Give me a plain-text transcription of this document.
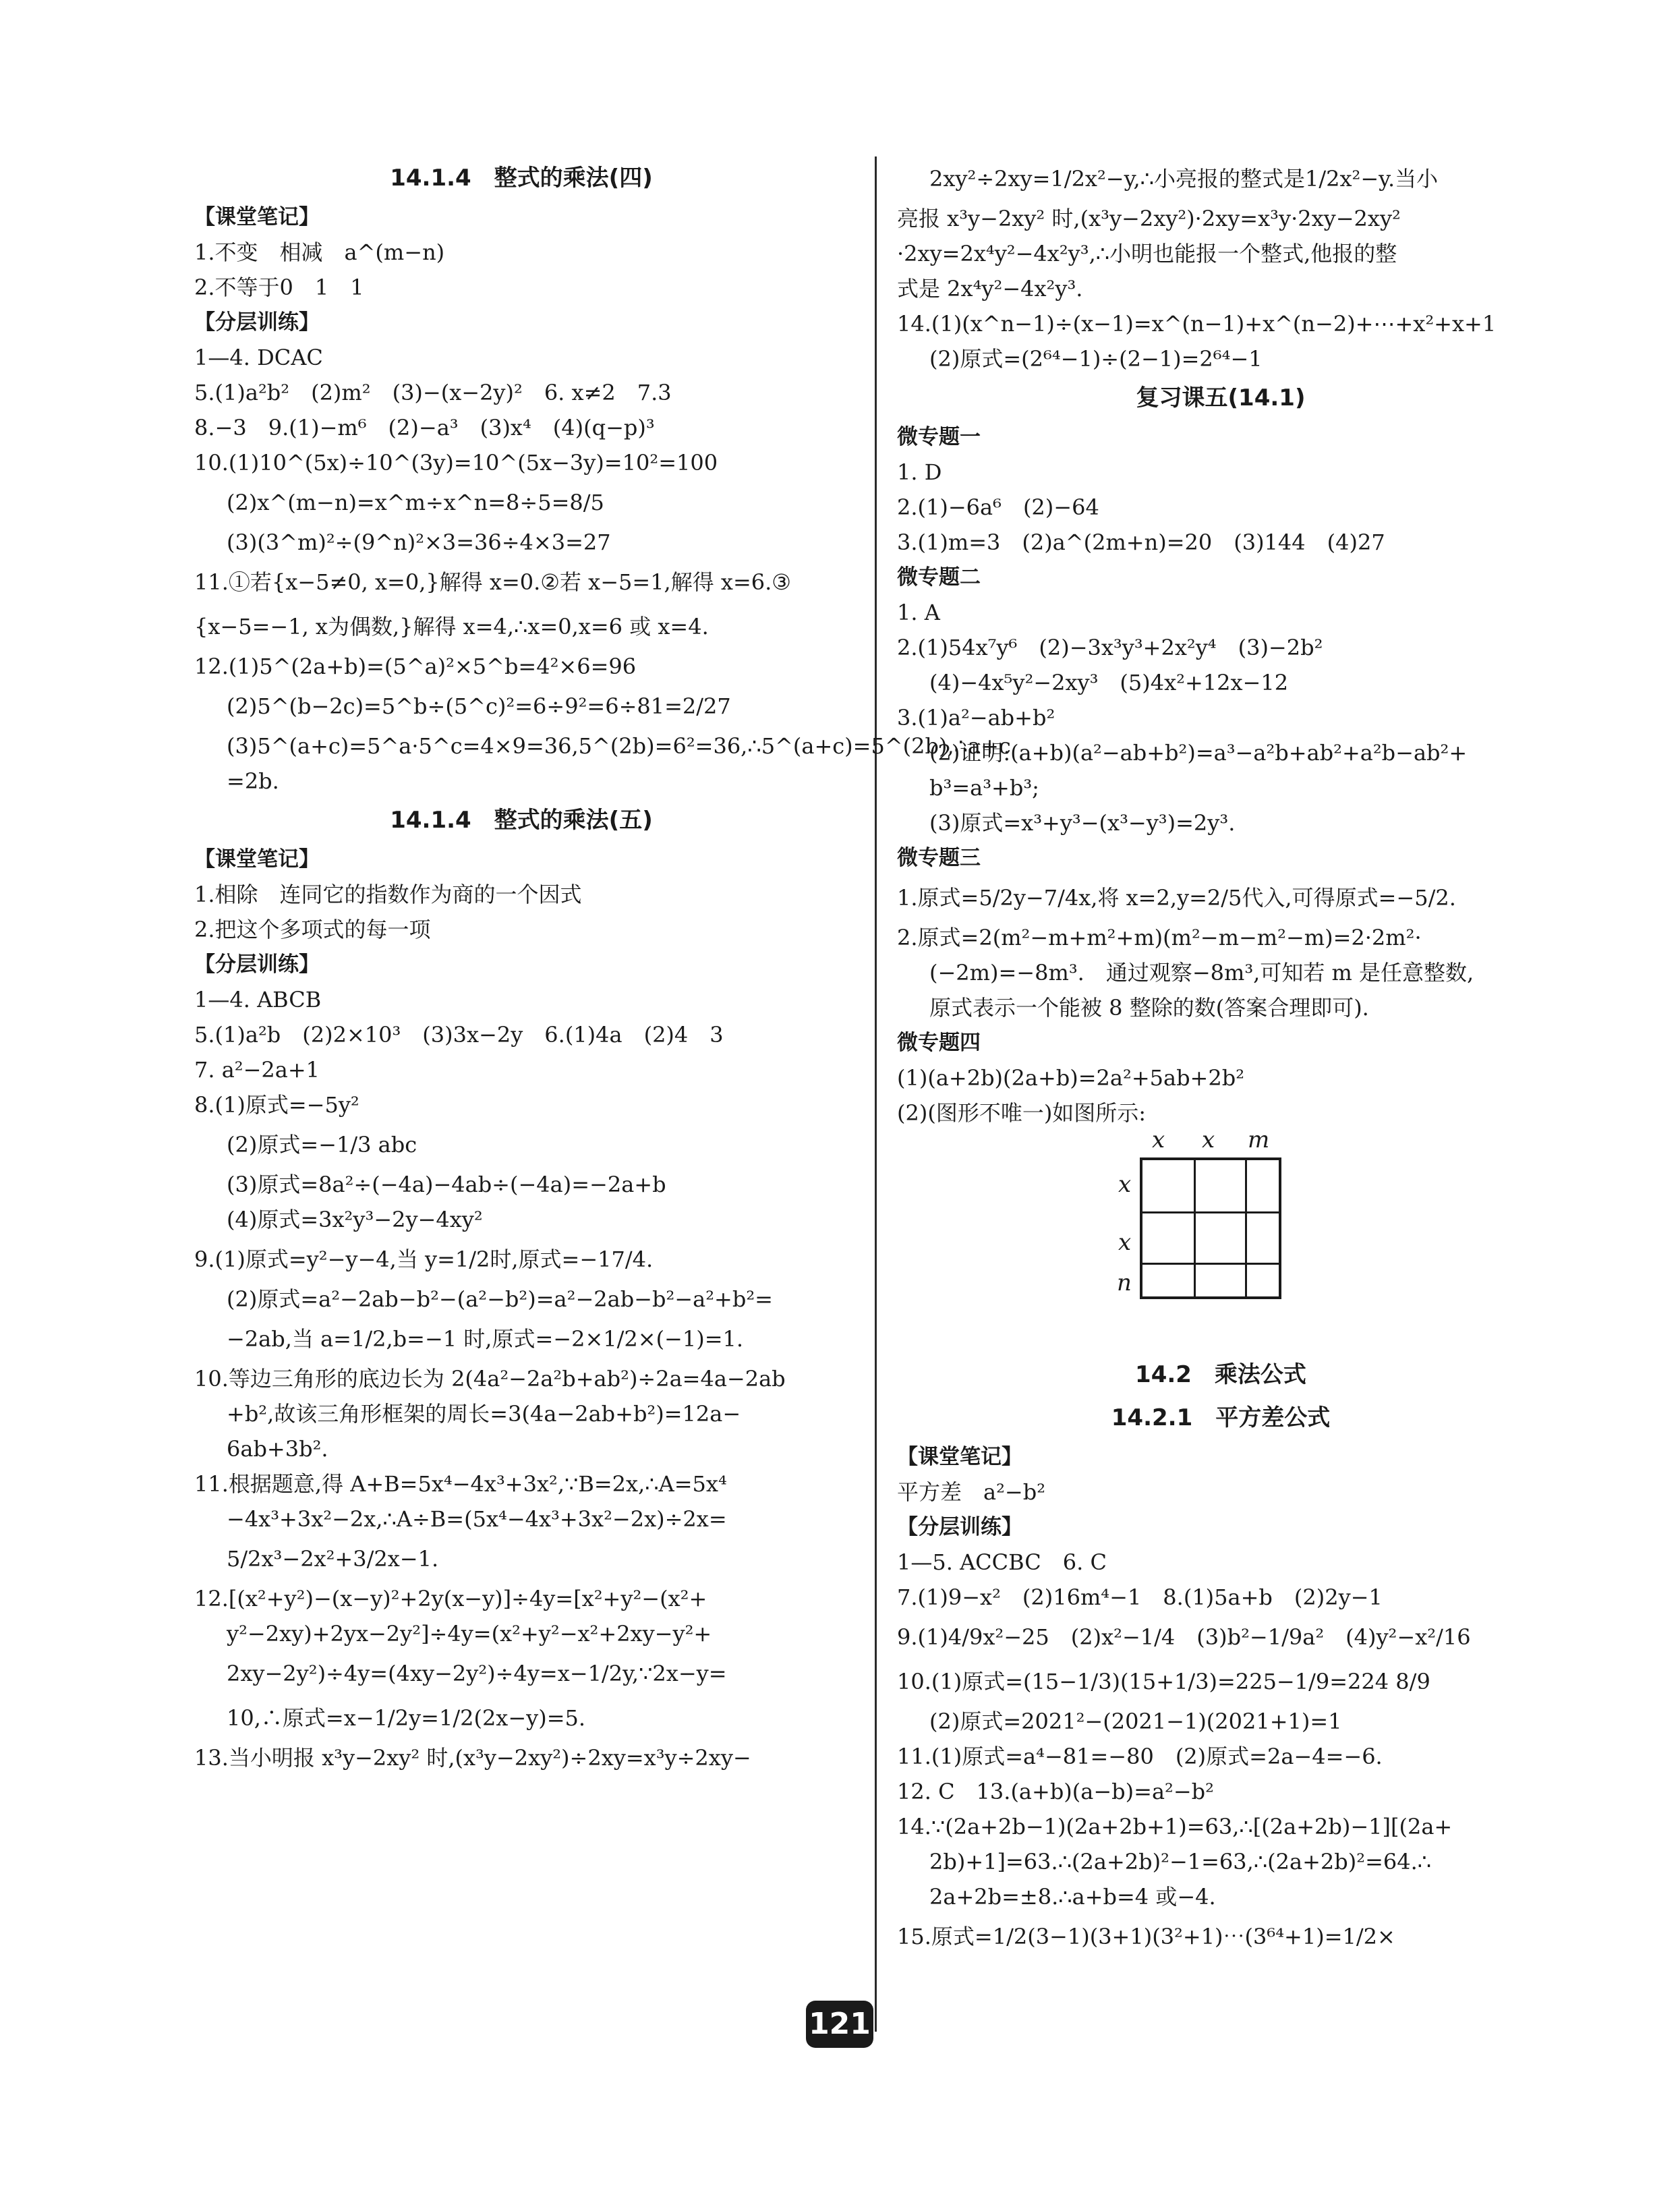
14.1.4　整式的乘法(四)
【课堂笔记】
1.不变　相减　a^(m−n)
2.不等于0　1　1
【分层训练】
1—4. DCAC
5.(1)a²b²　(2)m²　(3)−(x−2y)²　6. x≠2　7.3
8.−3　9.(1)−m⁶　(2)−a³　(3)x⁴　(4)(q−p)³
10.(1)10^(5x)÷10^(3y)=10^(5x−3y)=10²=100
(2)x^(m−n)=x^m÷x^n=8÷5=8/5
(3)(3^m)²÷(9^n)²×3=36÷4×3=27
11.①若{x−5≠0, x=0,}解得 x=0.②若 x−5=1,解得 x=6.③
{x−5=−1, x为偶数,}解得 x=4,∴x=0,x=6 或 x=4.
12.(1)5^(2a+b)=(5^a)²×5^b=4²×6=96
(2)5^(b−2c)=5^b÷(5^c)²=6÷9²=6÷81=2/27
(3)5^(a+c)=5^a·5^c=4×9=36,5^(2b)=6²=36,∴5^(a+c)=5^(2b),∴a+c
=2b.
14.1.4　整式的乘法(五)
【课堂笔记】
1.相除　连同它的指数作为商的一个因式
2.把这个多项式的每一项
【分层训练】
1—4. ABCB
5.(1)a²b　(2)2×10³　(3)3x−2y　6.(1)4a　(2)4　3
7. a²−2a+1
8.(1)原式=−5y²
(2)原式=−1/3 abc
(3)原式=8a²÷(−4a)−4ab÷(−4a)=−2a+b
(4)原式=3x²y³−2y−4xy²
9.(1)原式=y²−y−4,当 y=1/2时,原式=−17/4.
(2)原式=a²−2ab−b²−(a²−b²)=a²−2ab−b²−a²+b²=
−2ab,当 a=1/2,b=−1 时,原式=−2×1/2×(−1)=1.
10.等边三角形的底边长为 2(4a²−2a²b+ab²)÷2a=4a−2ab
+b²,故该三角形框架的周长=3(4a−2ab+b²)=12a−
6ab+3b².
11.根据题意,得 A+B=5x⁴−4x³+3x²,∵B=2x,∴A=5x⁴
−4x³+3x²−2x,∴A÷B=(5x⁴−4x³+3x²−2x)÷2x=
5/2x³−2x²+3/2x−1.
12.[(x²+y²)−(x−y)²+2y(x−y)]÷4y=[x²+y²−(x²+
y²−2xy)+2yx−2y²]÷4y=(x²+y²−x²+2xy−y²+
2xy−2y²)÷4y=(4xy−2y²)÷4y=x−1/2y,∵2x−y=
10,∴原式=x−1/2y=1/2(2x−y)=5.
13.当小明报 x³y−2xy² 时,(x³y−2xy²)÷2xy=x³y÷2xy−
2xy²÷2xy=1/2x²−y,∴小亮报的整式是1/2x²−y.当小
亮报 x³y−2xy² 时,(x³y−2xy²)·2xy=x³y·2xy−2xy²
·2xy=2x⁴y²−4x²y³,∴小明也能报一个整式,他报的整
式是 2x⁴y²−4x²y³.
14.(1)(x^n−1)÷(x−1)=x^(n−1)+x^(n−2)+⋯+x²+x+1
(2)原式=(2⁶⁴−1)÷(2−1)=2⁶⁴−1
复习课五(14.1)
微专题一
1. D
2.(1)−6a⁶　(2)−64
3.(1)m=3　(2)a^(2m+n)=20　(3)144　(4)27
微专题二
1. A
2.(1)54x⁷y⁶　(2)−3x³y³+2x²y⁴　(3)−2b²
(4)−4x⁵y²−2xy³　(5)4x²+12x−12
3.(1)a²−ab+b²
(2)证明:(a+b)(a²−ab+b²)=a³−a²b+ab²+a²b−ab²+
b³=a³+b³;
(3)原式=x³+y³−(x³−y³)=2y³.
微专题三
1.原式=5/2y−7/4x,将 x=2,y=2/5代入,可得原式=−5/2.
2.原式=2(m²−m+m²+m)(m²−m−m²−m)=2·2m²·
(−2m)=−8m³.　通过观察−8m³,可知若 m 是任意整数,
原式表示一个能被 8 整除的数(答案合理即可).
微专题四
(1)(a+2b)(2a+b)=2a²+5ab+2b²
(2)(图形不唯一)如图所示:
x x m
x
x
n
14.2　乘法公式
14.2.1　平方差公式
【课堂笔记】
平方差　a²−b²
【分层训练】
1—5. ACCBC　6. C
7.(1)9−x²　(2)16m⁴−1　8.(1)5a+b　(2)2y−1
9.(1)4/9x²−25　(2)x²−1/4　(3)b²−1/9a²　(4)y²−x²/16
10.(1)原式=(15−1/3)(15+1/3)=225−1/9=224 8/9
(2)原式=2021²−(2021−1)(2021+1)=1
11.(1)原式=a⁴−81=−80　(2)原式=2a−4=−6.
12. C　13.(a+b)(a−b)=a²−b²
14.∵(2a+2b−1)(2a+2b+1)=63,∴[(2a+2b)−1][(2a+
2b)+1]=63.∴(2a+2b)²−1=63,∴(2a+2b)²=64.∴
2a+2b=±8.∴a+b=4 或−4.
15.原式=1/2(3−1)(3+1)(3²+1)⋯(3⁶⁴+1)=1/2×
121
